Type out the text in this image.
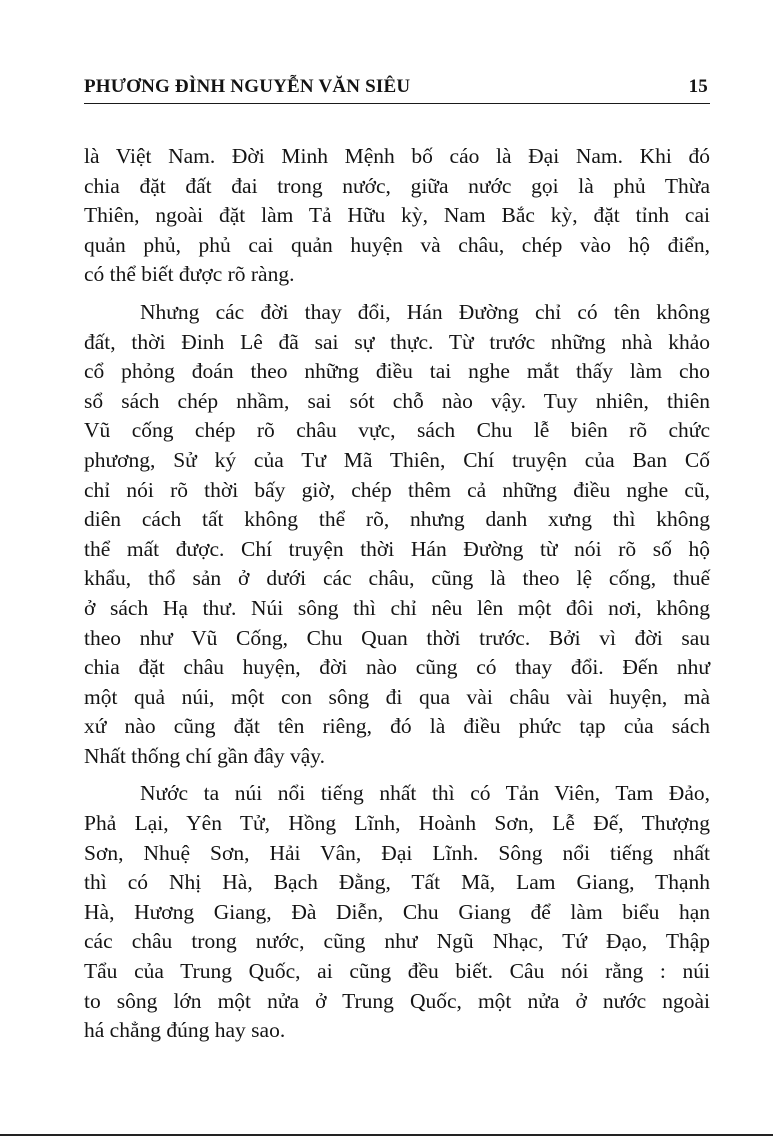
PHƯƠNG ĐÌNH NGUYỄN VĂN SIÊU	15
là Việt Nam. Đời Minh Mệnh bố cáo là Đại Nam. Khi đó
chia đặt đất đai trong nước, giữa nước gọi là phủ Thừa
Thiên, ngoài đặt làm Tả Hữu kỳ, Nam Bắc kỳ, đặt tỉnh cai
quản phủ, phủ cai quản huyện và châu, chép vào hộ điển,
có thể biết được rõ ràng.
Nhưng các đời thay đổi, Hán Đường chỉ có tên không
đất, thời Đinh Lê đã sai sự thực. Từ trước những nhà khảo
cổ phỏng đoán theo những điều tai nghe mắt thấy làm cho
sổ sách chép nhầm, sai sót chỗ nào vậy. Tuy nhiên, thiên
Vũ cống chép rõ châu vực, sách Chu lễ biên rõ chức
phương, Sử ký của Tư Mã Thiên, Chí truyện của Ban Cố
chỉ nói rõ thời bấy giờ, chép thêm cả những điều nghe cũ,
diên cách tất không thể rõ, nhưng danh xưng thì không
thể mất được. Chí truyện thời Hán Đường từ nói rõ số hộ
khẩu, thổ sản ở dưới các châu, cũng là theo lệ cống, thuế
ở sách Hạ thư. Núi sông thì chỉ nêu lên một đôi nơi, không
theo như Vũ Cống, Chu Quan thời trước. Bởi vì đời sau
chia đặt châu huyện, đời nào cũng có thay đổi. Đến như
một quả núi, một con sông đi qua vài châu vài huyện, mà
xứ nào cũng đặt tên riêng, đó là điều phức tạp của sách
Nhất thống chí gần đây vậy.
Nước ta núi nổi tiếng nhất thì có Tản Viên, Tam Đảo,
Phả Lại, Yên Tử, Hồng Lĩnh, Hoành Sơn, Lễ Đế, Thượng
Sơn, Nhuệ Sơn, Hải Vân, Đại Lĩnh. Sông nổi tiếng nhất
thì có Nhị Hà, Bạch Đằng, Tất Mã, Lam Giang, Thạnh
Hà, Hương Giang, Đà Diễn, Chu Giang để làm biểu hạn
các châu trong nước, cũng như Ngũ Nhạc, Tứ Đạo, Thập
Tẩu của Trung Quốc, ai cũng đều biết. Câu nói rằng : núi
to sông lớn một nửa ở Trung Quốc, một nửa ở nước ngoài
há chẳng đúng hay sao.
